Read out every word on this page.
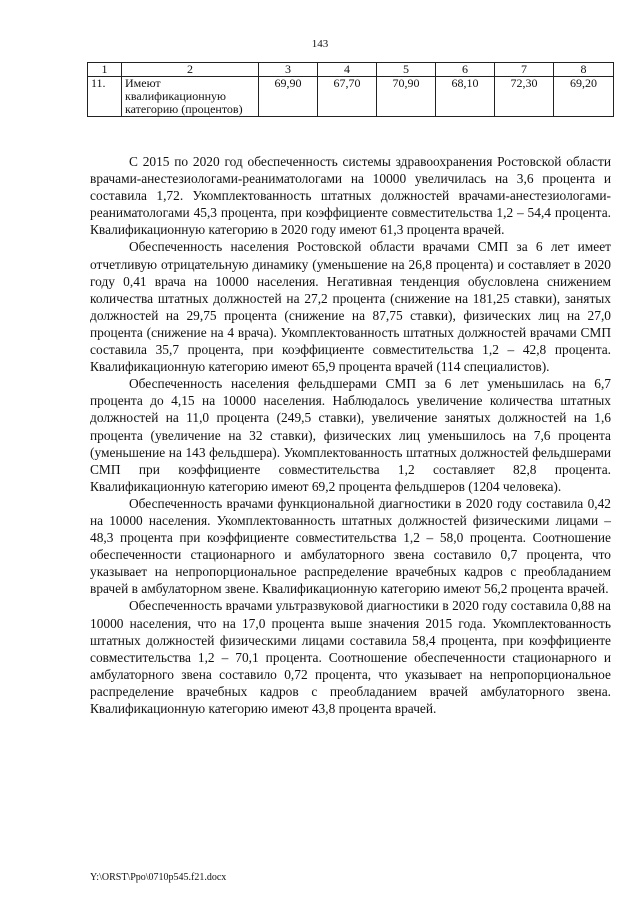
143
1	2	3	4	5	6	7	8
11.	Имеют квалификационную категорию (процентов)	69,90	67,70	70,90	68,10	72,30	69,20

С 2015 по 2020 год обеспеченность системы здравоохранения Ростовской области врачами-анестезиологами-реаниматологами на 10000 увеличилась на 3,6 процента и составила 1,72. Укомплектованность штатных должностей врачами-анестезиологами-реаниматологами 45,3 процента, при коэффициенте совместительства 1,2 – 54,4 процента. Квалификационную категорию в 2020 году имеют 61,3 процента врачей.

Обеспеченность населения Ростовской области врачами СМП за 6 лет имеет отчетливую отрицательную динамику (уменьшение на 26,8 процента) и составляет в 2020 году 0,41 врача на 10000 населения. Негативная тенденция обусловлена снижением количества штатных должностей на 27,2 процента (снижение на 181,25 ставки), занятых должностей на 29,75 процента (снижение на 87,75 ставки), физических лиц на 27,0 процента (снижение на 4 врача). Укомплектованность штатных должностей врачами СМП составила 35,7 процента, при коэффициенте совместительства 1,2 – 42,8 процента. Квалификационную категорию имеют 65,9 процента врачей (114 специалистов).

Обеспеченность населения фельдшерами СМП за 6 лет уменьшилась на 6,7 процента до 4,15 на 10000 населения. Наблюдалось увеличение количества штатных должностей на 11,0 процента (249,5 ставки), увеличение занятых должностей на 1,6 процента (увеличение на 32 ставки), физических лиц уменьшилось на 7,6 процента (уменьшение на 143 фельдшера). Укомплектованность штатных должностей фельдшерами СМП при коэффициенте совместительства 1,2 составляет 82,8 процента. Квалификационную категорию имеют 69,2 процента фельдшеров (1204 человека).

Обеспеченность врачами функциональной диагностики в 2020 году составила 0,42 на 10000 населения. Укомплектованность штатных должностей физическими лицами – 48,3 процента при коэффициенте совместительства 1,2 – 58,0 процента. Соотношение обеспеченности стационарного и амбулаторного звена составило 0,7 процента, что указывает на непропорциональное распределение врачебных кадров с преобладанием врачей в амбулаторном звене. Квалификационную категорию имеют 56,2 процента врачей.

Обеспеченность врачами ультразвуковой диагностики в 2020 году составила 0,88 на 10000 населения, что на 17,0 процента выше значения 2015 года. Укомплектованность штатных должностей физическими лицами составила 58,4 процента, при коэффициенте совместительства 1,2 – 70,1 процента. Соотношение обеспеченности стационарного и амбулаторного звена составило 0,72 процента, что указывает на непропорциональное распределение врачебных кадров с преобладанием врачей амбулаторного звена. Квалификационную категорию имеют 43,8 процента врачей.

Y:\ORST\Ppo\0710p545.f21.docx
